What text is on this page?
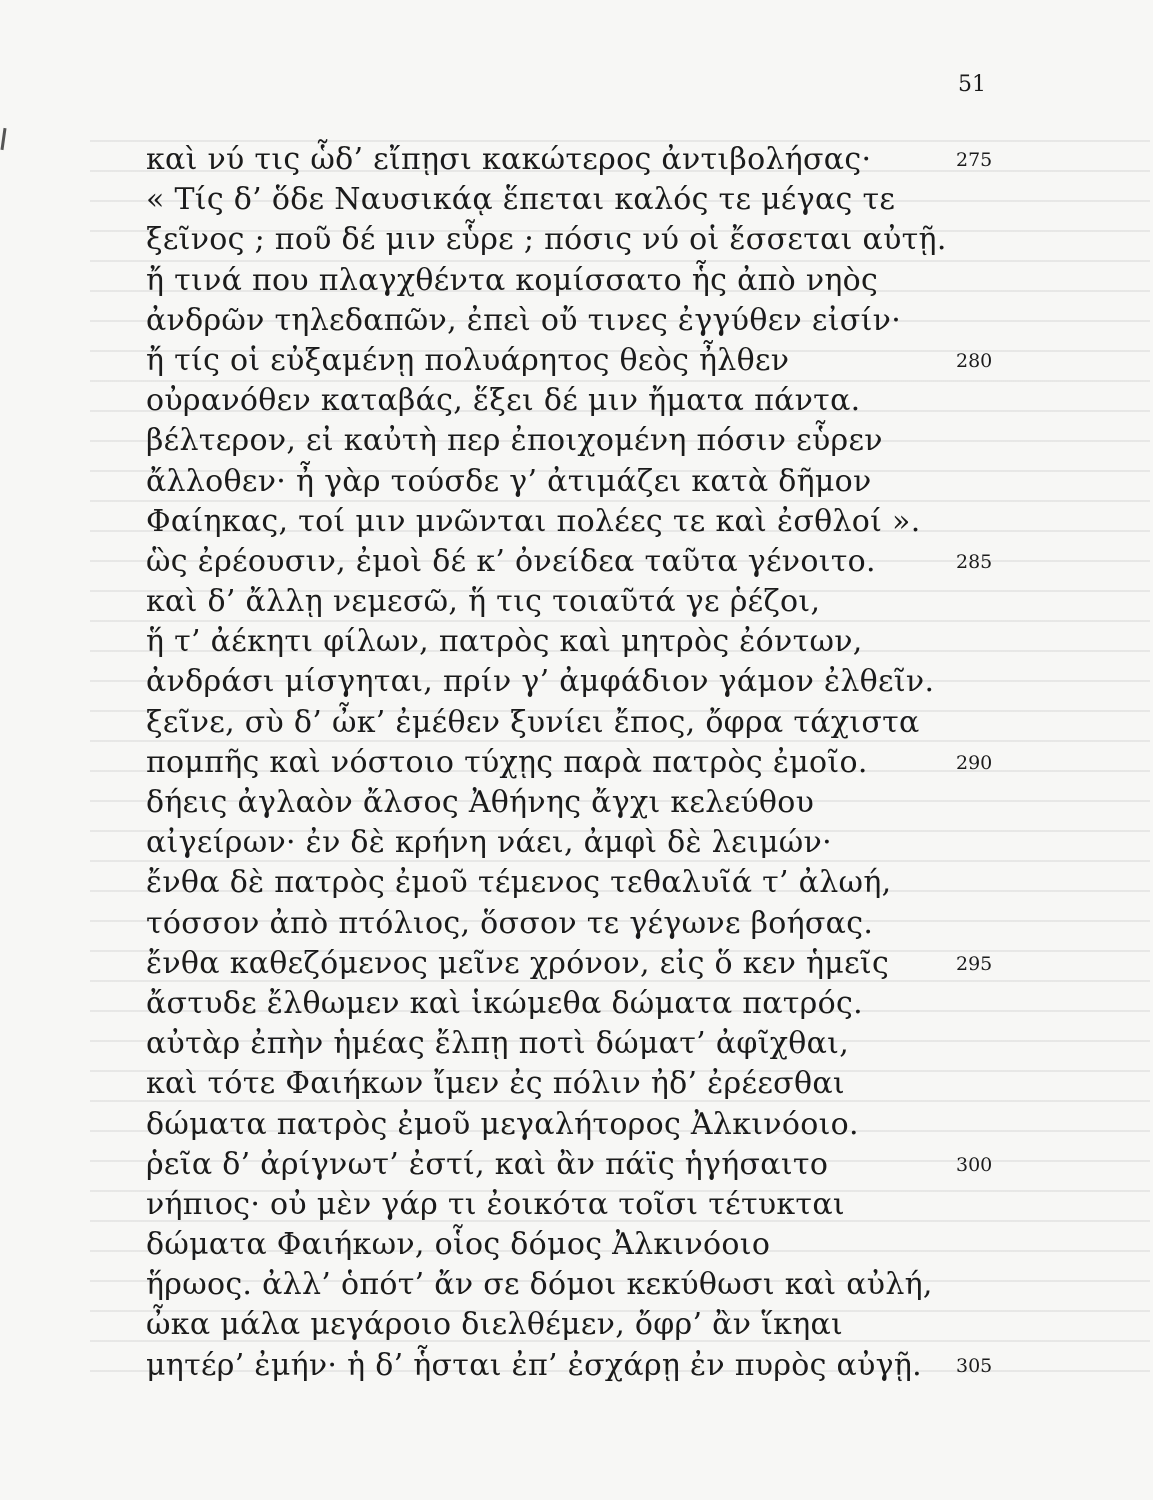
51
καὶ νύ τις ὧδ’ εἴπῃσι κακώτερος ἀντιβολήσας·	275
« Τίς δ’ ὅδε Ναυσικάᾳ ἕπεται καλός τε μέγας τε
ξεῖνος ; ποῦ δέ μιν εὗρε ; πόσις νύ οἱ ἔσσεται αὐτῇ.
ἤ τινά που πλαγχθέντα κομίσσατο ἧς ἀπὸ νηὸς
ἀνδρῶν τηλεδαπῶν, ἐπεὶ οὔ τινες ἐγγύθεν εἰσίν·
ἤ τίς οἱ εὐξαμένῃ πολυάρητος θεὸς ἦλθεν	280
οὐρανόθεν καταβάς, ἕξει δέ μιν ἤματα πάντα.
βέλτερον, εἰ καὐτὴ περ ἐποιχομένη πόσιν εὗρεν
ἄλλοθεν· ἦ γὰρ τούσδε γ’ ἀτιμάζει κατὰ δῆμον
Φαίηκας, τοί μιν μνῶνται πολέες τε καὶ ἐσθλοί ».
ὣς ἐρέουσιν, ἐμοὶ δέ κ’ ὀνείδεα ταῦτα γένοιτο.	285
καὶ δ’ ἄλλῃ νεμεσῶ, ἥ τις τοιαῦτά γε ῥέζοι,
ἥ τ’ ἀέκητι φίλων, πατρὸς καὶ μητρὸς ἐόντων,
ἀνδράσι μίσγηται, πρίν γ’ ἀμφάδιον γάμον ἐλθεῖν.
ξεῖνε, σὺ δ’ ὦκ’ ἐμέθεν ξυνίει ἔπος, ὄφρα τάχιστα
πομπῆς καὶ νόστοιο τύχῃς παρὰ πατρὸς ἐμοῖο.	290
δήεις ἀγλαὸν ἄλσος Ἀθήνης ἄγχι κελεύθου
αἰγείρων· ἐν δὲ κρήνη νάει, ἀμφὶ δὲ λειμών·
ἔνθα δὲ πατρὸς ἐμοῦ τέμενος τεθαλυῖά τ’ ἀλωή,
τόσσον ἀπὸ πτόλιος, ὅσσον τε γέγωνε βοήσας.
ἔνθα καθεζόμενος μεῖνε χρόνον, εἰς ὅ κεν ἡμεῖς	295
ἄστυδε ἔλθωμεν καὶ ἱκώμεθα δώματα πατρός.
αὐτὰρ ἐπὴν ἡμέας ἔλπῃ ποτὶ δώματ’ ἀφῖχθαι,
καὶ τότε Φαιήκων ἴμεν ἐς πόλιν ἠδ’ ἐρέεσθαι
δώματα πατρὸς ἐμοῦ μεγαλήτορος Ἀλκινόοιο.
ῥεῖα δ’ ἀρίγνωτ’ ἐστί, καὶ ἂν πάϊς ἡγήσαιτο	300
νήπιος· οὐ μὲν γάρ τι ἐοικότα τοῖσι τέτυκται
δώματα Φαιήκων, οἷος δόμος Ἀλκινόοιο
ἥρωος. ἀλλ’ ὁπότ’ ἄν σε δόμοι κεκύθωσι καὶ αὐλή,
ὦκα μάλα μεγάροιο διελθέμεν, ὄφρ’ ἂν ἵκηαι
μητέρ’ ἐμήν· ἡ δ’ ἧσται ἐπ’ ἐσχάρῃ ἐν πυρὸς αὐγῇ. 305
